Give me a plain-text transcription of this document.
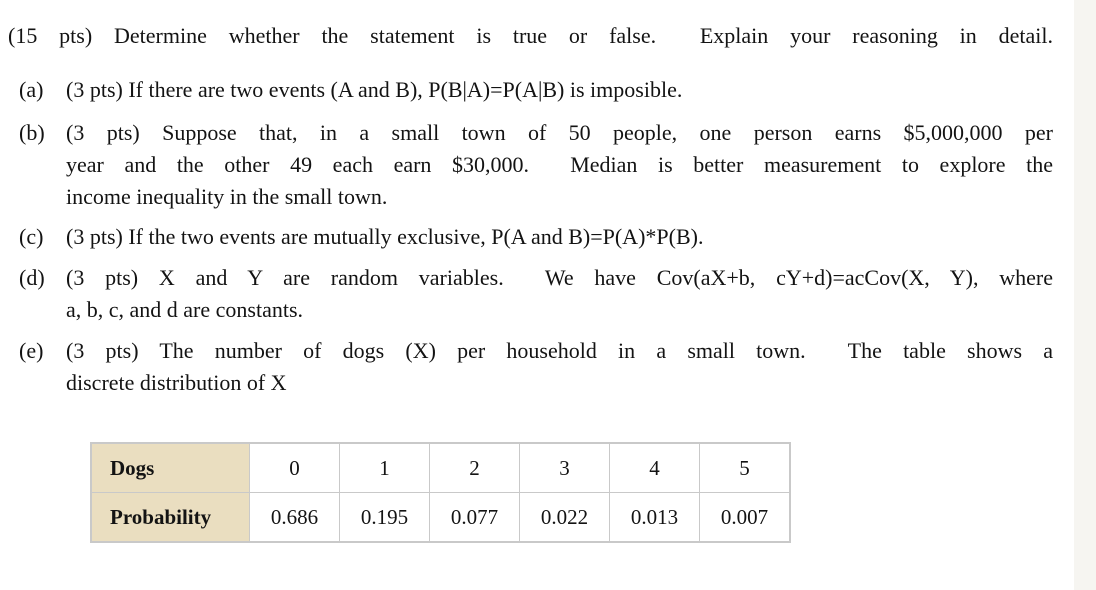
(15 pts) Determine whether the statement is true or false.  Explain your reasoning in detail.
(a)	(3 pts) If there are two events (A and B), P(B|A)=P(A|B) is imposible.
(b) (3 pts) Suppose that, in a small town of 50 people, one person earns $5,000,000 per
year and the other 49 each earn $30,000.  Median is better measurement to explore the
income inequality in the small town.
(c)	(3 pts) If the two events are mutually exclusive, P(A and B)=P(A)*P(B).
(d) (3 pts) X and Y are random variables.  We have Cov(aX+b, cY+d)=acCov(X, Y), where
a, b, c, and d are constants.
(e)	(3 pts) The number of dogs (X) per household in a small town.  The table shows a
discrete distribution of X
Dogs	0	1	2	3	4	5
Probability	0.686	0.195	0.077	0.022	0.013	0.007
